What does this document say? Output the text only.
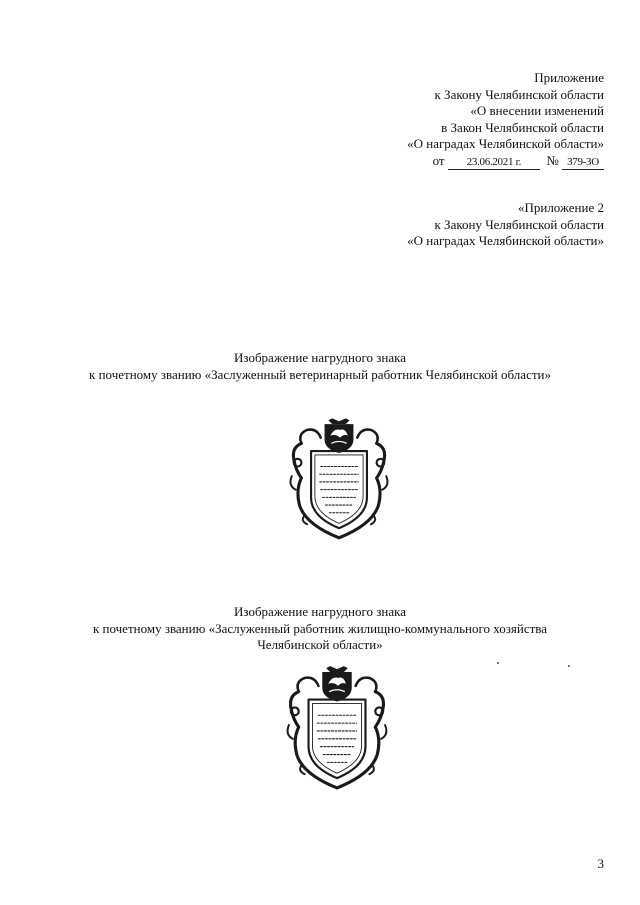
Приложение
к Закону Челябинской области
«О внесении изменений
в Закон Челябинской области
«О наградах Челябинской области»
от 23.06.2021 г. № 379-ЗО
«Приложение 2
к Закону Челябинской области
«О наградах Челябинской области»
Изображение нагрудного знака
к почетному званию «Заслуженный ветеринарный работник Челябинской области»
Изображение нагрудного знака
к почетному званию «Заслуженный работник жилищно-коммунального хозяйства
Челябинской области»
3
